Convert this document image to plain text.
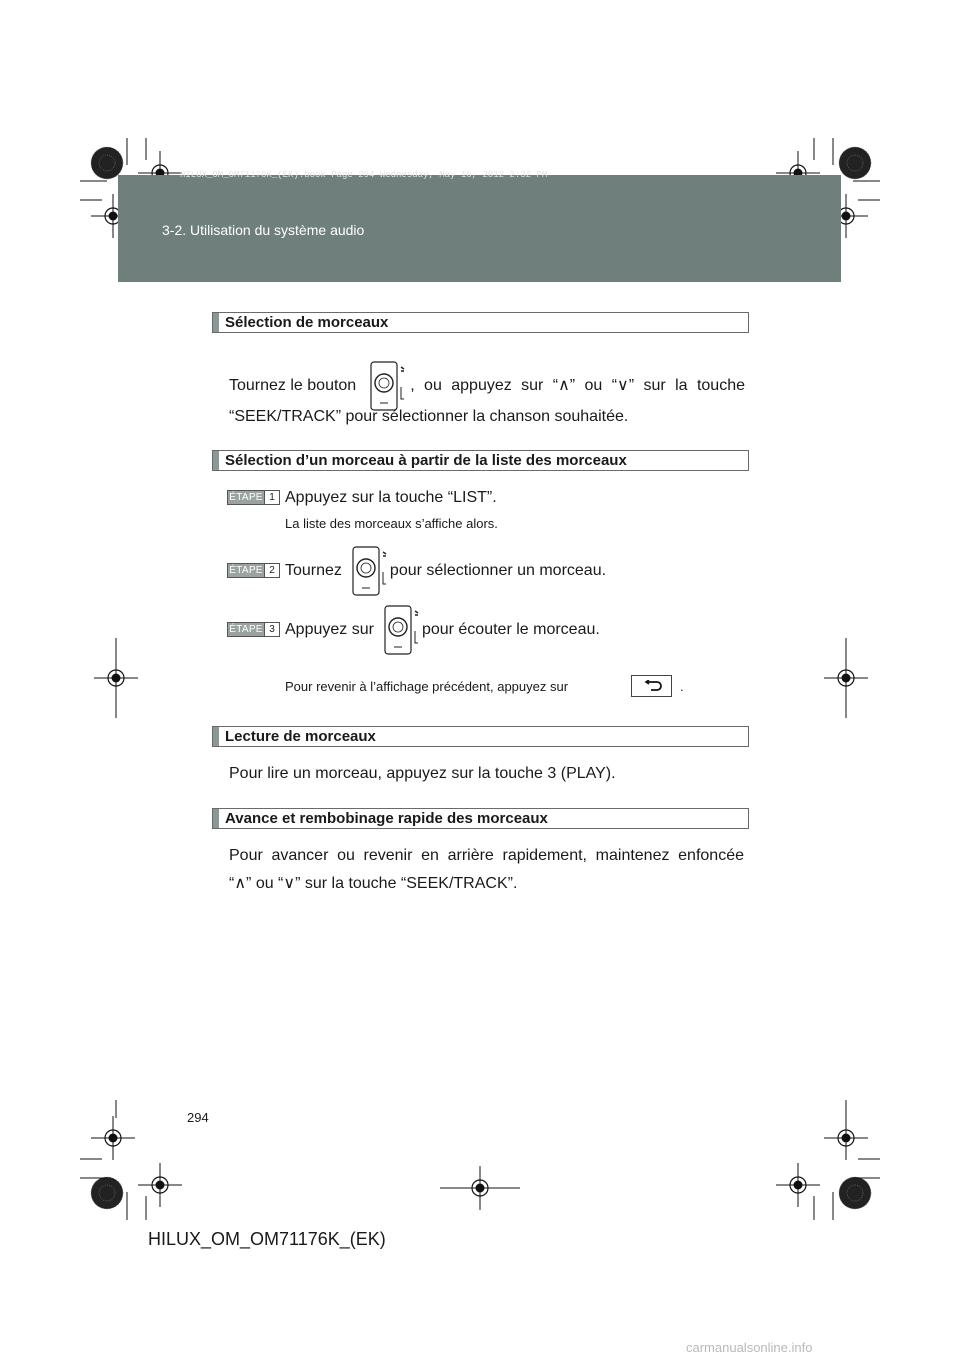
HILUX_OM_OM71176K_(EK).book Page 294 Wednesday, May 16, 2012 2:32 PM
3-2. Utilisation du système audio
Sélection de morceaux
Tournez le bouton	, ou appuyez sur “∧” ou “∨” sur la touche
“SEEK/TRACK” pour sélectionner la chanson souhaitée.
Sélection d’un morceau à partir de la liste des morceaux
ÉTAPE 1 Appuyez sur la touche “LIST”.
La liste des morceaux s’affiche alors.
ÉTAPE 2 Tournez	pour sélectionner un morceau.
ÉTAPE 3 Appuyez sur	pour écouter le morceau.
Pour revenir à l’affichage précédent, appuyez sur	.
Lecture de morceaux
Pour lire un morceau, appuyez sur la touche 3 (PLAY).
Avance et rembobinage rapide des morceaux
Pour avancer ou revenir en arrière rapidement, maintenez enfoncée
“∧” ou “∨” sur la touche “SEEK/TRACK”.
294
HILUX_OM_OM71176K_(EK)
carmanualsonline.info
